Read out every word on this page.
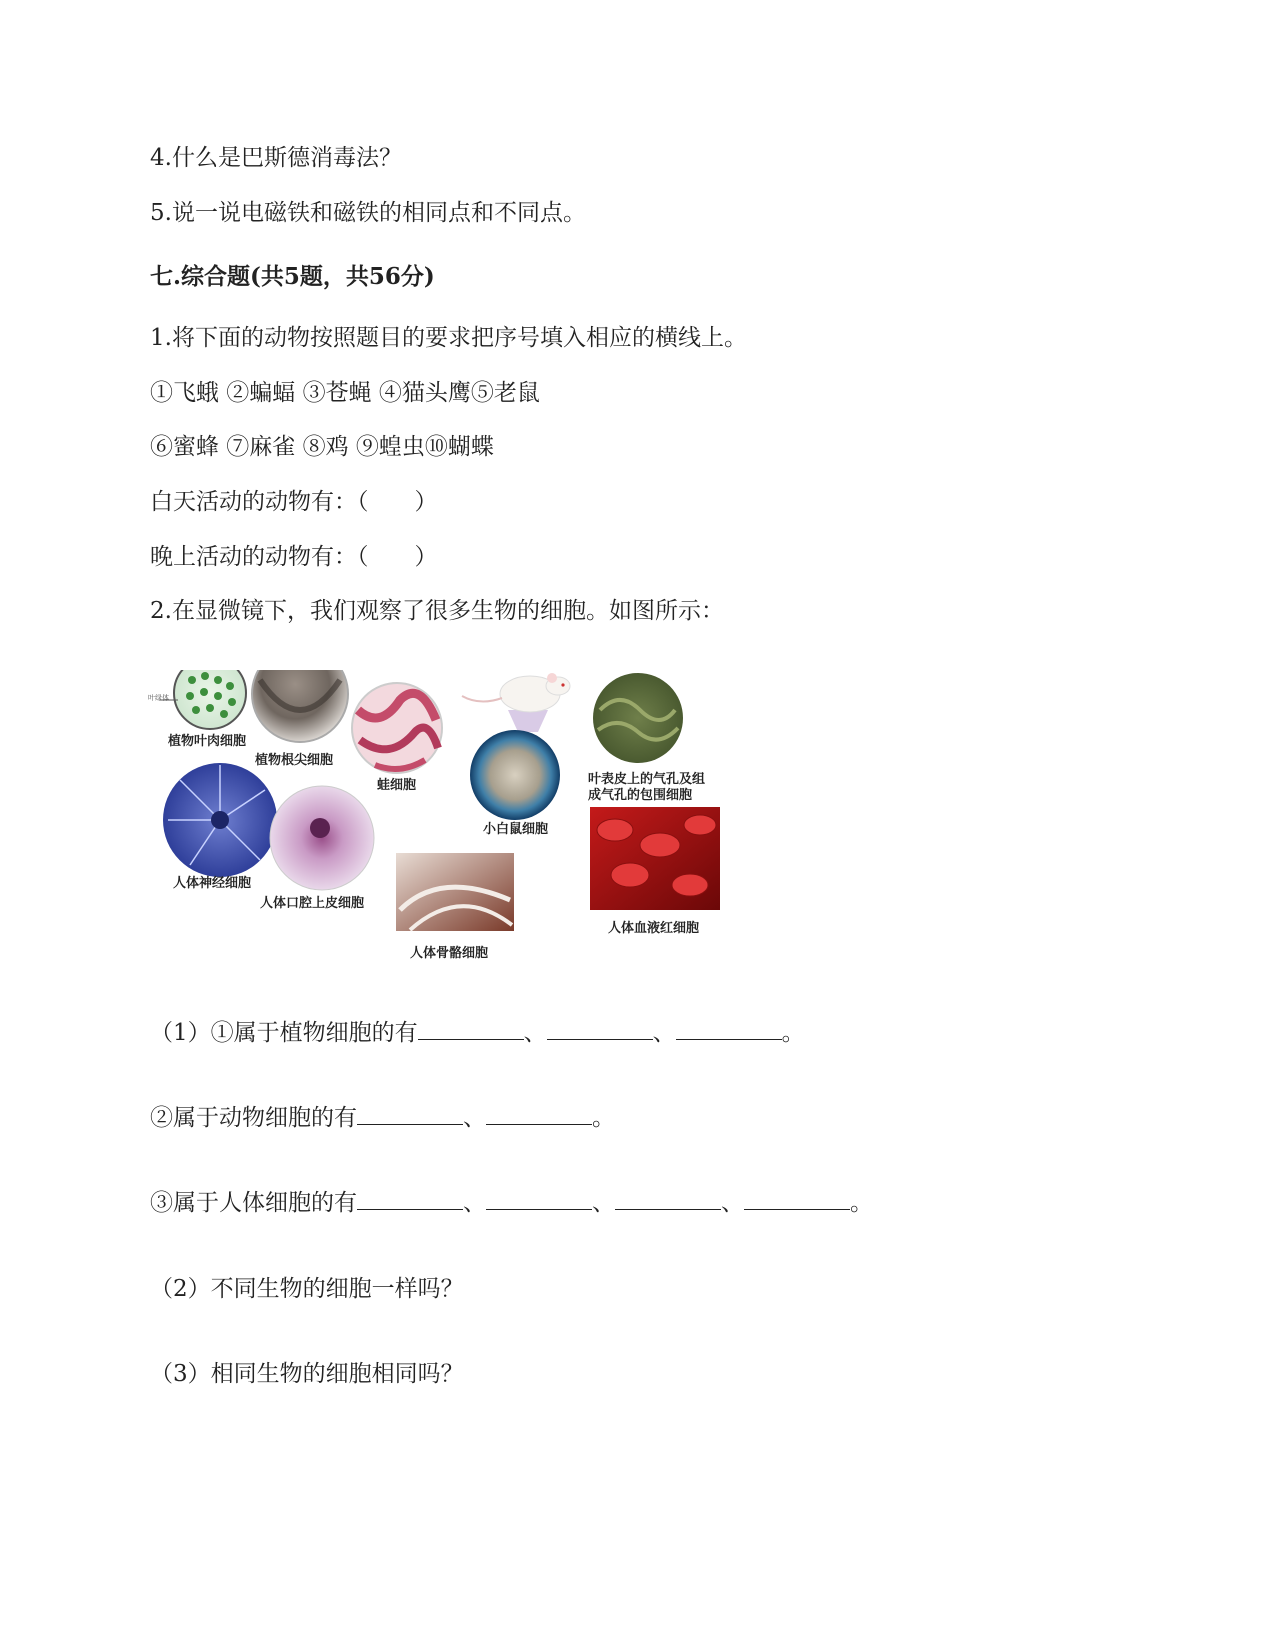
4.什么是巴斯德消毒法？
5.说一说电磁铁和磁铁的相同点和不同点。
七.综合题(共5题，共56分)
1.将下面的动物按照题目的要求把序号填入相应的横线上。
①飞蛾 ②蝙蝠 ③苍蝇 ④猫头鹰⑤老鼠
⑥蜜蜂 ⑦麻雀 ⑧鸡 ⑨蝗虫⑩蝴蝶
白天活动的动物有：（　　）
晚上活动的动物有：（　　）
2.在显微镜下，我们观察了很多生物的细胞。如图所示：
叶绿体
植物叶肉细胞
植物根尖细胞
蛙细胞
小白鼠细胞
叶表皮上的气孔及组
成气孔的包围细胞
人体神经细胞
人体口腔上皮细胞
人体骨骼细胞
人体血液红细胞
（1）①属于植物细胞的有	、	、	。
②属于动物细胞的有	、	。
③属于人体细胞的有	、	、	、	。
（2）不同生物的细胞一样吗？
（3）相同生物的细胞相同吗？
